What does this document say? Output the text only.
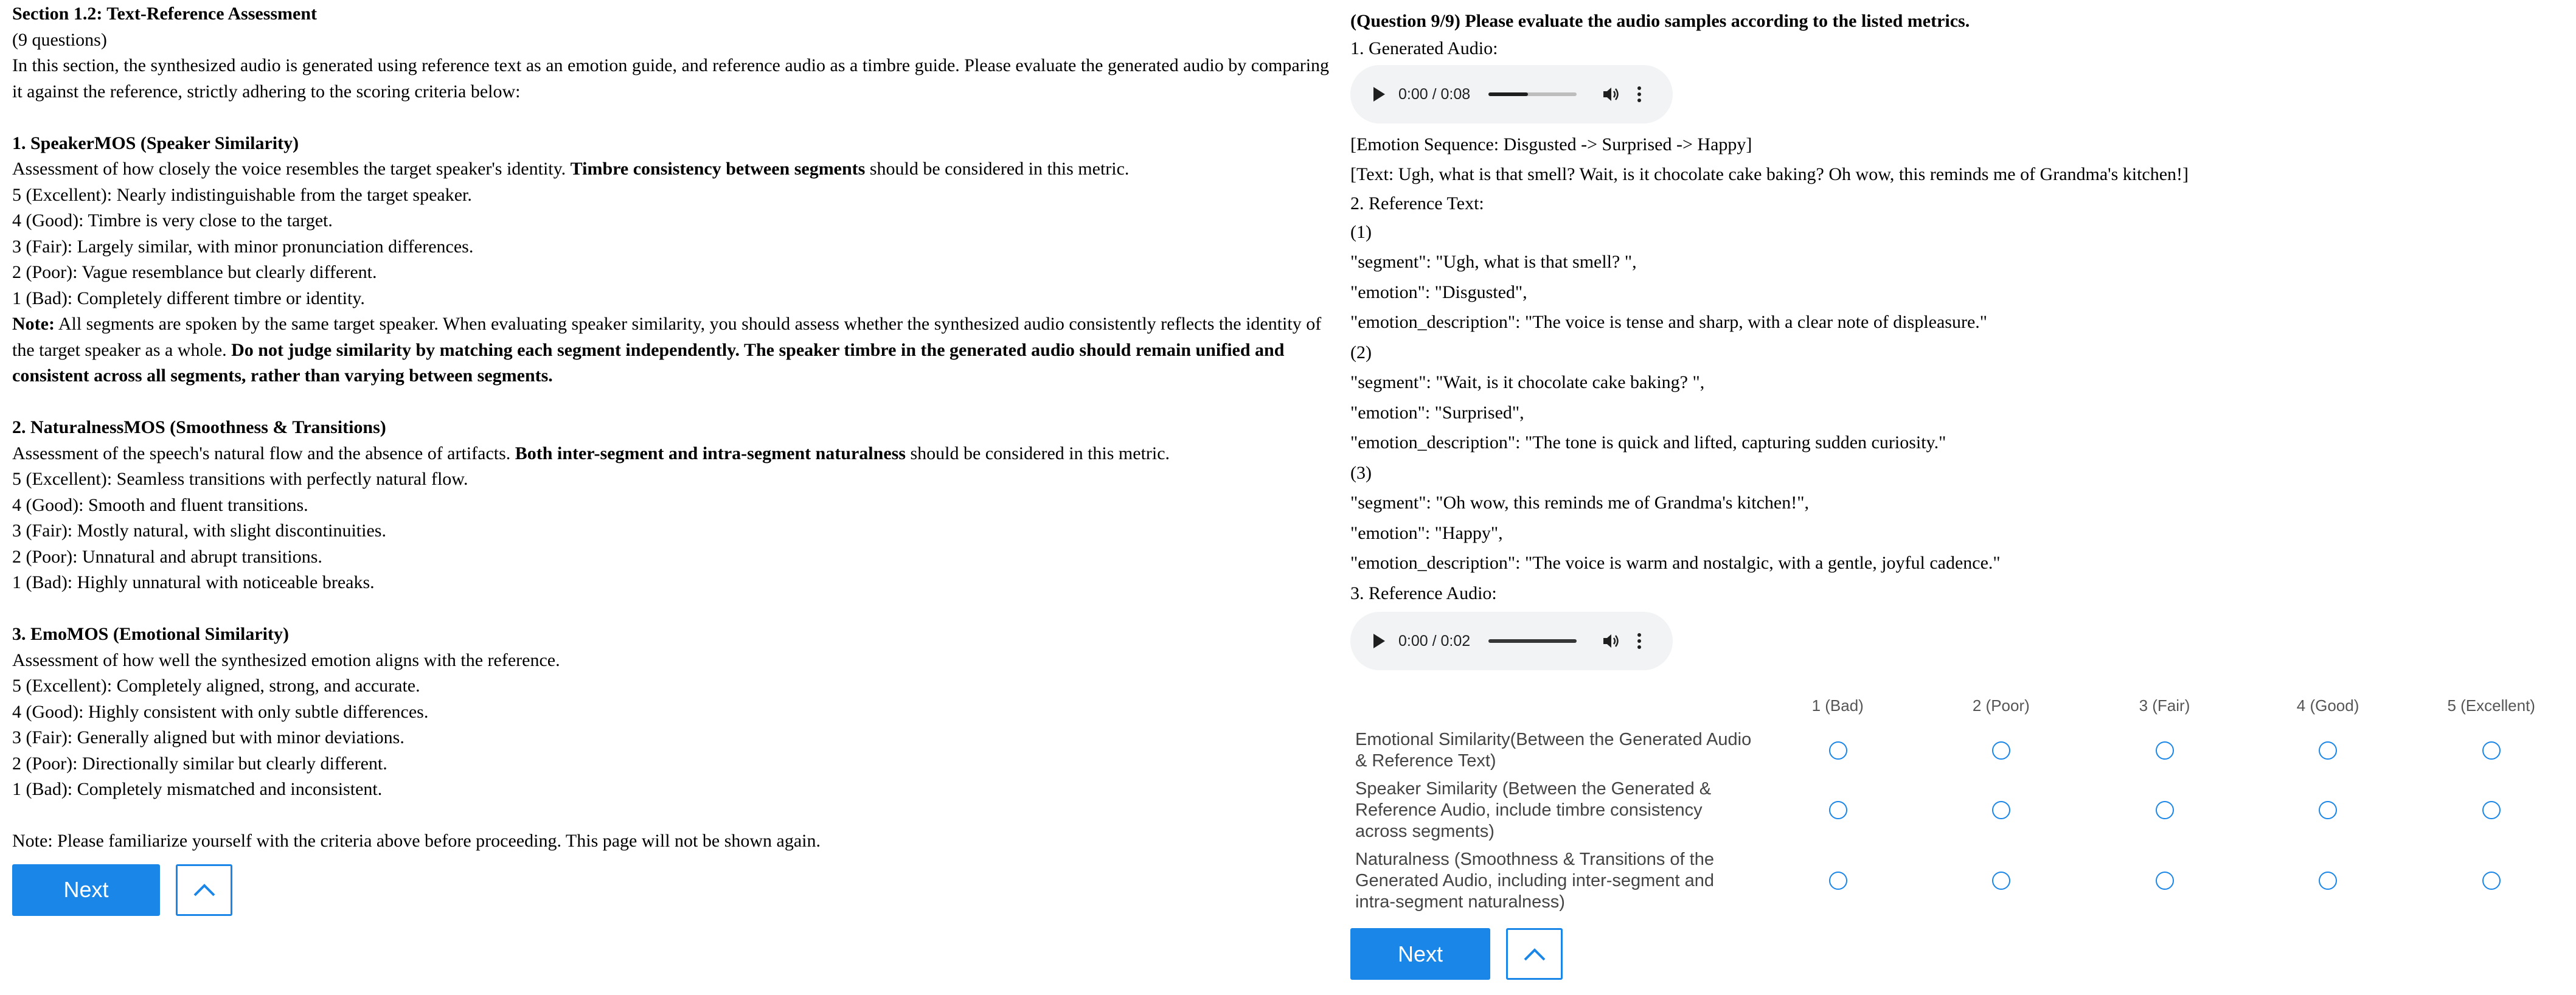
Section 1.2: Text-Reference Assessment
(9 questions)
In this section, the synthesized audio is generated using reference text as an emotion guide, and reference audio as a timbre guide. Please evaluate the generated audio by comparing it against the reference, strictly adhering to the scoring criteria below:
1. SpeakerMOS (Speaker Similarity)
Assessment of how closely the voice resembles the target speaker's identity. Timbre consistency between segments should be considered in this metric.
5 (Excellent): Nearly indistinguishable from the target speaker.
4 (Good): Timbre is very close to the target.
3 (Fair): Largely similar, with minor pronunciation differences.
2 (Poor): Vague resemblance but clearly different.
1 (Bad): Completely different timbre or identity.
Note: All segments are spoken by the same target speaker. When evaluating speaker similarity, you should assess whether the synthesized audio consistently reflects the identity of the target speaker as a whole. Do not judge similarity by matching each segment independently. The speaker timbre in the generated audio should remain unified and consistent across all segments, rather than varying between segments.
2. NaturalnessMOS (Smoothness & Transitions)
Assessment of the speech's natural flow and the absence of artifacts. Both inter-segment and intra-segment naturalness should be considered in this metric.
5 (Excellent): Seamless transitions with perfectly natural flow.
4 (Good): Smooth and fluent transitions.
3 (Fair): Mostly natural, with slight discontinuities.
2 (Poor): Unnatural and abrupt transitions.
1 (Bad): Highly unnatural with noticeable breaks.
3. EmoMOS (Emotional Similarity)
Assessment of how well the synthesized emotion aligns with the reference.
5 (Excellent): Completely aligned, strong, and accurate.
4 (Good): Highly consistent with only subtle differences.
3 (Fair): Generally aligned but with minor deviations.
2 (Poor): Directionally similar but clearly different.
1 (Bad): Completely mismatched and inconsistent.
Note: Please familiarize yourself with the criteria above before proceeding. This page will not be shown again.
Next
(Question 9/9) Please evaluate the audio samples according to the listed metrics.
1. Generated Audio:
0:00 / 0:08
[Emotion Sequence: Disgusted -> Surprised -> Happy]
[Text: Ugh, what is that smell? Wait, is it chocolate cake baking? Oh wow, this reminds me of Grandma's kitchen!]
2. Reference Text:
(1)
"segment": "Ugh, what is that smell? ",
"emotion": "Disgusted",
"emotion_description": "The voice is tense and sharp, with a clear note of displeasure."
(2)
"segment": "Wait, is it chocolate cake baking? ",
"emotion": "Surprised",
"emotion_description": "The tone is quick and lifted, capturing sudden curiosity."
(3)
"segment": "Oh wow, this reminds me of Grandma's kitchen!",
"emotion": "Happy",
"emotion_description": "The voice is warm and nostalgic, with a gentle, joyful cadence."
3. Reference Audio:
0:00 / 0:02
1 (Bad)	2 (Poor)	3 (Fair)	4 (Good)	5 (Excellent)
Emotional Similarity(Between the Generated Audio & Reference Text)
Speaker Similarity (Between the Generated & Reference Audio, include timbre consistency across segments)
Naturalness (Smoothness & Transitions of the Generated Audio, including inter-segment and intra-segment naturalness)
Next
